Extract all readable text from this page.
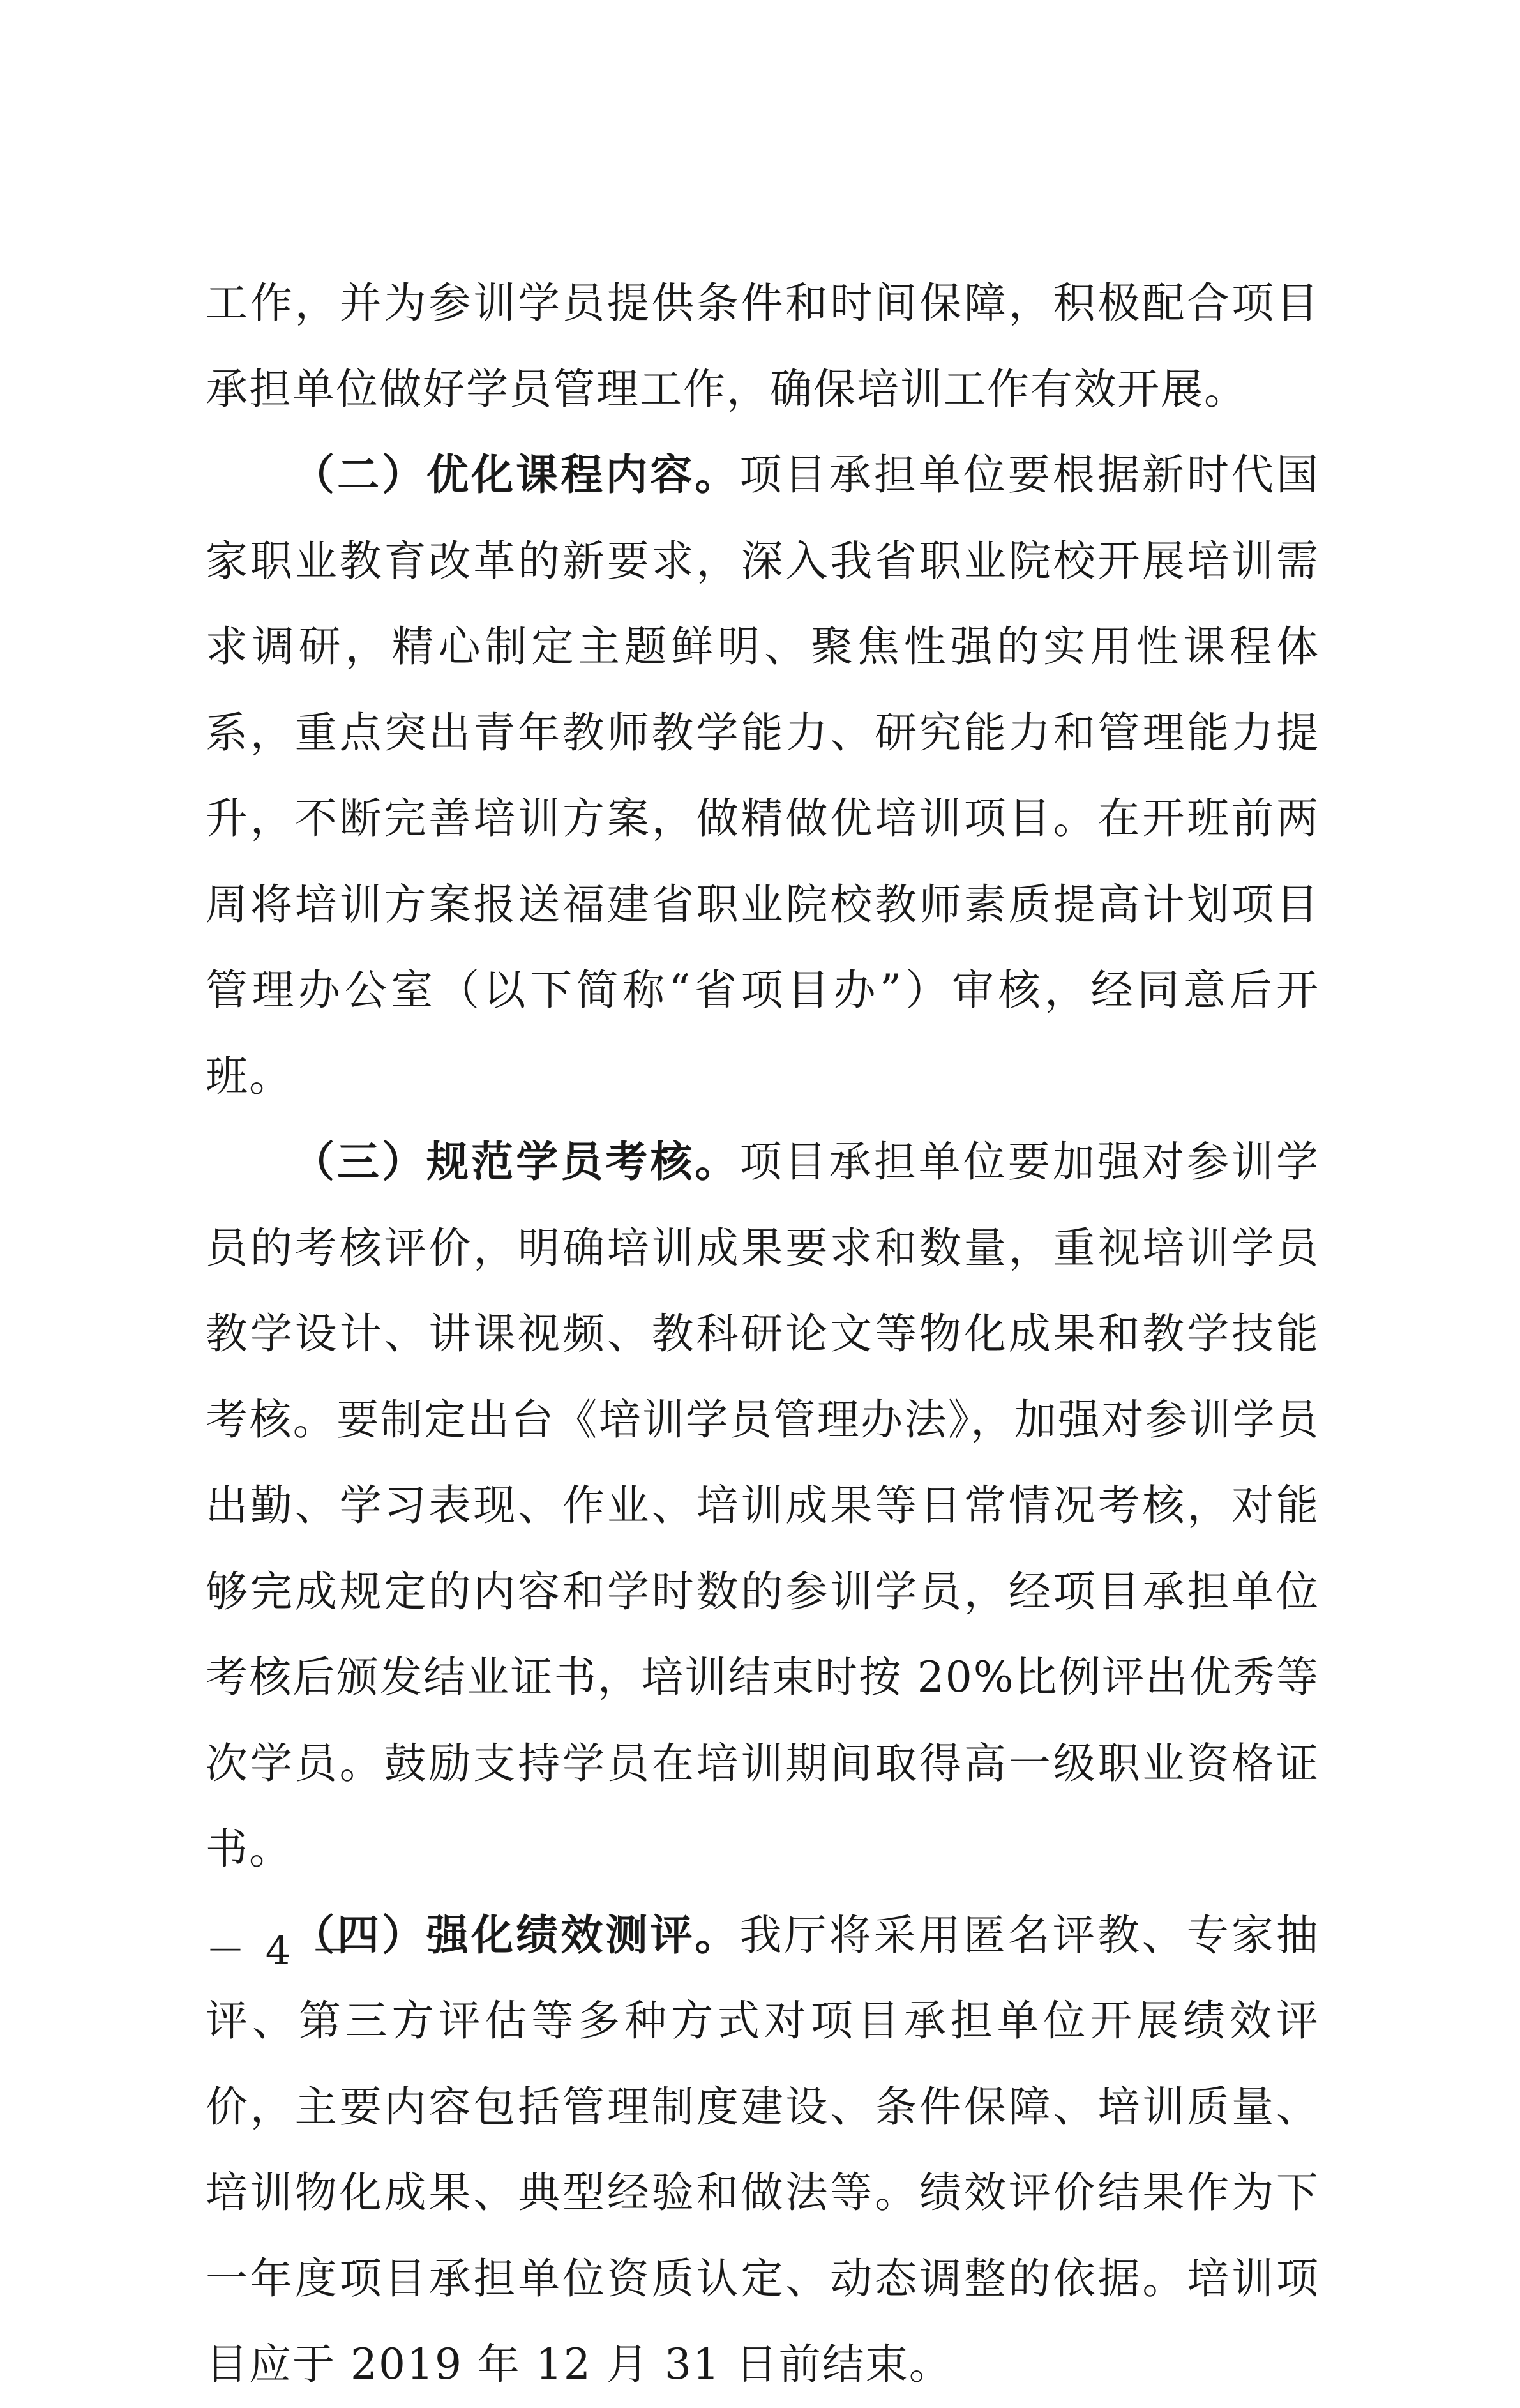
工作，并为参训学员提供条件和时间保障，积极配合项目承担单位做好学员管理工作，确保培训工作有效开展。

（二）优化课程内容。项目承担单位要根据新时代国家职业教育改革的新要求，深入我省职业院校开展培训需求调研，精心制定主题鲜明、聚焦性强的实用性课程体系，重点突出青年教师教学能力、研究能力和管理能力提升，不断完善培训方案，做精做优培训项目。在开班前两周将培训方案报送福建省职业院校教师素质提高计划项目管理办公室（以下简称“省项目办”）审核，经同意后开班。

（三）规范学员考核。项目承担单位要加强对参训学员的考核评价，明确培训成果要求和数量，重视培训学员教学设计、讲课视频、教科研论文等物化成果和教学技能考核。要制定出台《培训学员管理办法》，加强对参训学员出勤、学习表现、作业、培训成果等日常情况考核，对能够完成规定的内容和学时数的参训学员，经项目承担单位考核后颁发结业证书，培训结束时按 20%比例评出优秀等次学员。鼓励支持学员在培训期间取得高一级职业资格证书。

（四）强化绩效测评。我厅将采用匿名评教、专家抽评、第三方评估等多种方式对项目承担单位开展绩效评价，主要内容包括管理制度建设、条件保障、培训质量、培训物化成果、典型经验和做法等。绩效评价结果作为下一年度项目承担单位资质认定、动态调整的依据。培训项目应于 2019 年 12 月 31 日前结束。

－ 4 －
